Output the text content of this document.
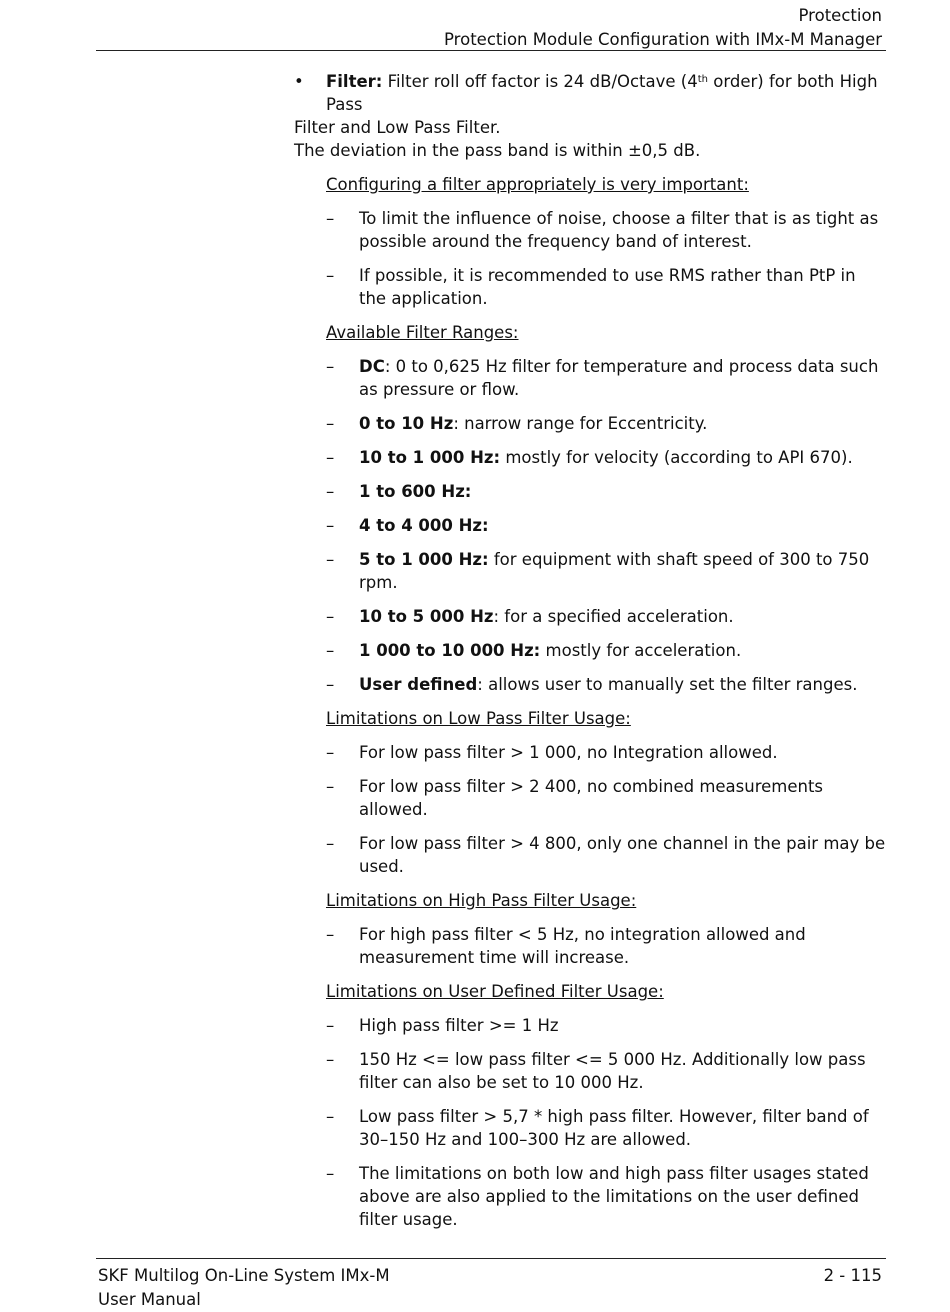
Protection
Protection Module Configuration with IMx-M Manager
•	Filter: Filter roll off factor is 24 dB/Octave (4th order) for both High Pass
Filter and Low Pass Filter.
The deviation in the pass band is within ±0,5 dB.
Configuring a filter appropriately is very important:
– To limit the influence of noise, choose a filter that is as tight as possible around the frequency band of interest.
– If possible, it is recommended to use RMS rather than PtP in the application.
Available Filter Ranges:
– DC: 0 to 0,625 Hz filter for temperature and process data such as pressure or flow.
– 0 to 10 Hz: narrow range for Eccentricity.
– 10 to 1 000 Hz: mostly for velocity (according to API 670).
– 1 to 600 Hz:
– 4 to 4 000 Hz:
– 5 to 1 000 Hz: for equipment with shaft speed of 300 to 750 rpm.
– 10 to 5 000 Hz: for a specified acceleration.
– 1 000 to 10 000 Hz: mostly for acceleration.
– User defined: allows user to manually set the filter ranges.
Limitations on Low Pass Filter Usage:
– For low pass filter > 1 000, no Integration allowed.
– For low pass filter > 2 400, no combined measurements allowed.
– For low pass filter > 4 800, only one channel in the pair may be used.
Limitations on High Pass Filter Usage:
– For high pass filter < 5 Hz, no integration allowed and measurement time will increase.
Limitations on User Defined Filter Usage:
– High pass filter >= 1 Hz
– 150 Hz <= low pass filter <= 5 000 Hz. Additionally low pass filter can also be set to 10 000 Hz.
– Low pass filter > 5,7 * high pass filter. However, filter band of 30–150 Hz and 100–300 Hz are allowed.
– The limitations on both low and high pass filter usages stated above are also applied to the limitations on the user defined filter usage.
SKF Multilog On-Line System IMx-M
User Manual
2 - 115
